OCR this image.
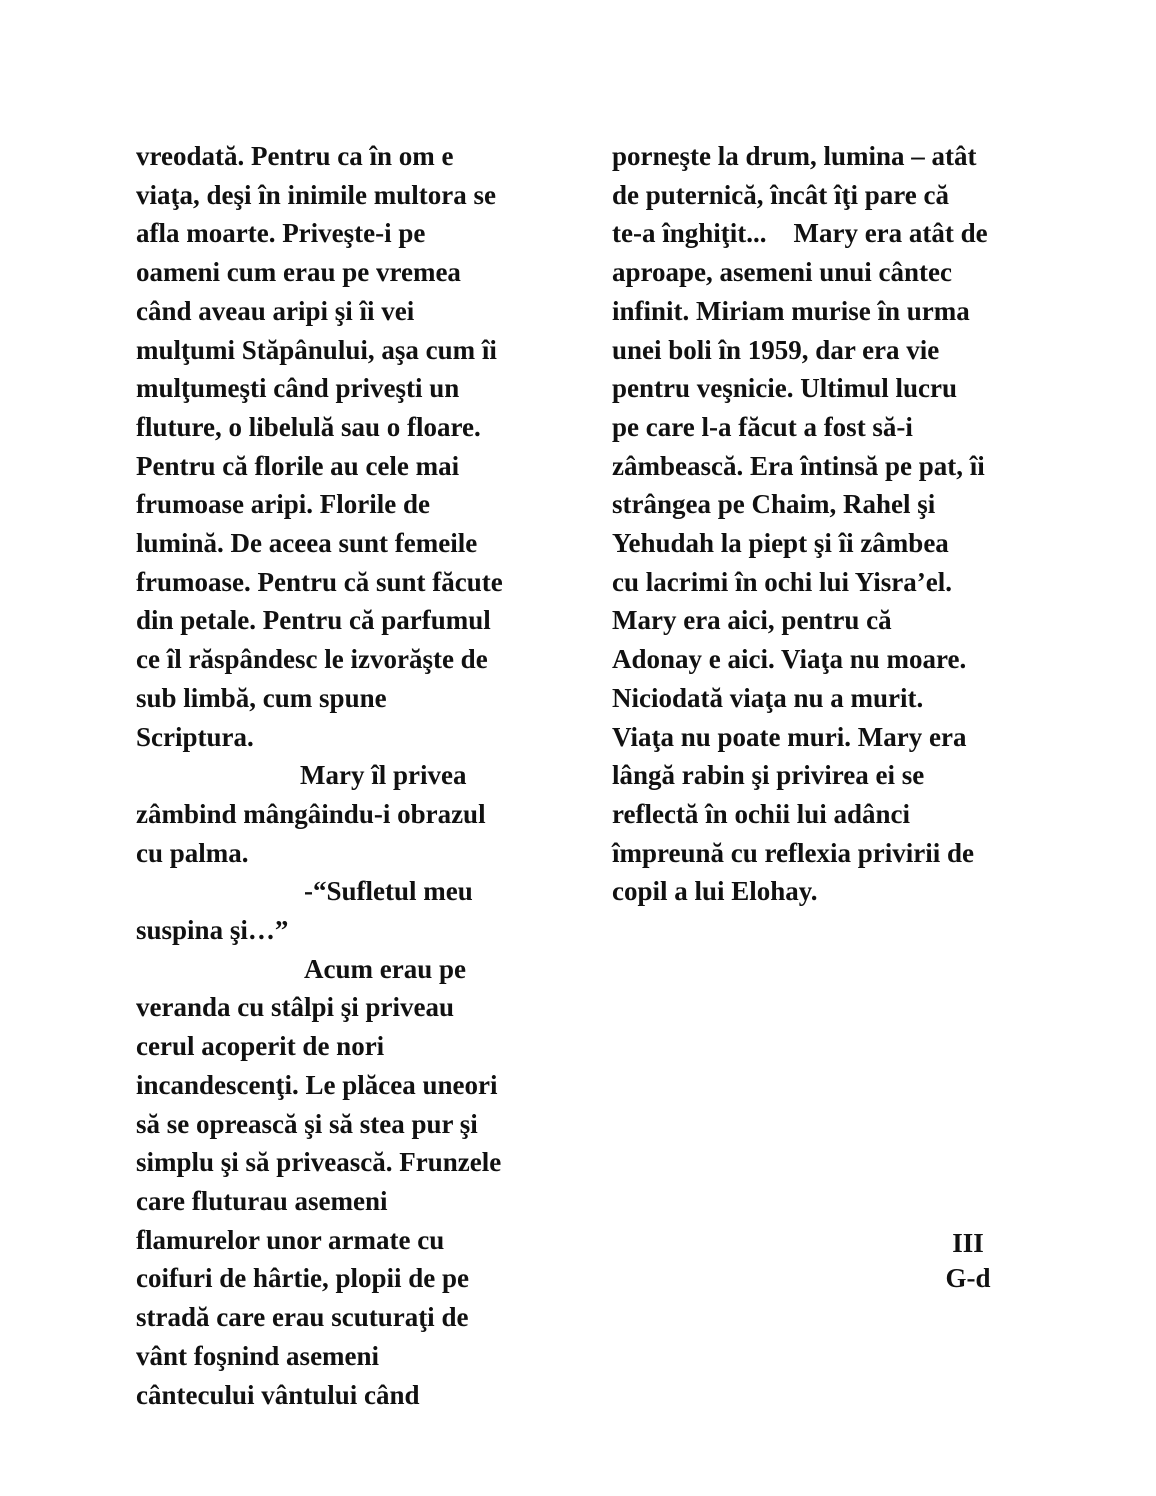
vreodată. Pentru ca în om e
viaţa, deşi în inimile multora se
afla moarte. Priveşte-i pe
oameni cum erau pe vremea
când aveau aripi şi îi vei
mulţumi Stăpânului, aşa cum îi
mulţumeşti când priveşti un
fluture, o libelulă sau o floare.
Pentru că florile au cele mai
frumoase aripi. Florile de
lumină. De aceea sunt femeile
frumoase. Pentru că sunt făcute
din petale. Pentru că parfumul
ce îl răspândesc le izvorăşte de
sub limbă, cum spune
Scriptura.
Mary îl privea
zâmbind mângâindu-i obrazul
cu palma.
-“Sufletul meu
suspina şi…”
Acum erau pe
veranda cu stâlpi şi priveau
cerul acoperit de nori
incandescenţi. Le plăcea uneori
să se oprească şi să stea pur şi
simplu şi să privească. Frunzele
care fluturau asemeni
flamurelor unor armate cu
coifuri de hârtie, plopii de pe
stradă care erau scuturaţi de
vânt foşnind asemeni
cântecului vântului când
porneşte la drum, lumina – atât
de puternică, încât îţi pare că
te-a înghiţit...    Mary era atât de
aproape, asemeni unui cântec
infinit. Miriam murise în urma
unei boli în 1959, dar era vie
pentru veşnicie. Ultimul lucru
pe care l-a făcut a fost să-i
zâmbească. Era întinsă pe pat, îi
strângea pe Chaim, Rahel şi
Yehudah la piept şi îi zâmbea
cu lacrimi în ochi lui Yisra’el.
Mary era aici, pentru că
Adonay e aici. Viaţa nu moare.
Niciodată viaţa nu a murit.
Viaţa nu poate muri. Mary era
lângă rabin şi privirea ei se
reflectă în ochii lui adânci
împreună cu reflexia privirii de
copil a lui Elohay.
III
G-d
